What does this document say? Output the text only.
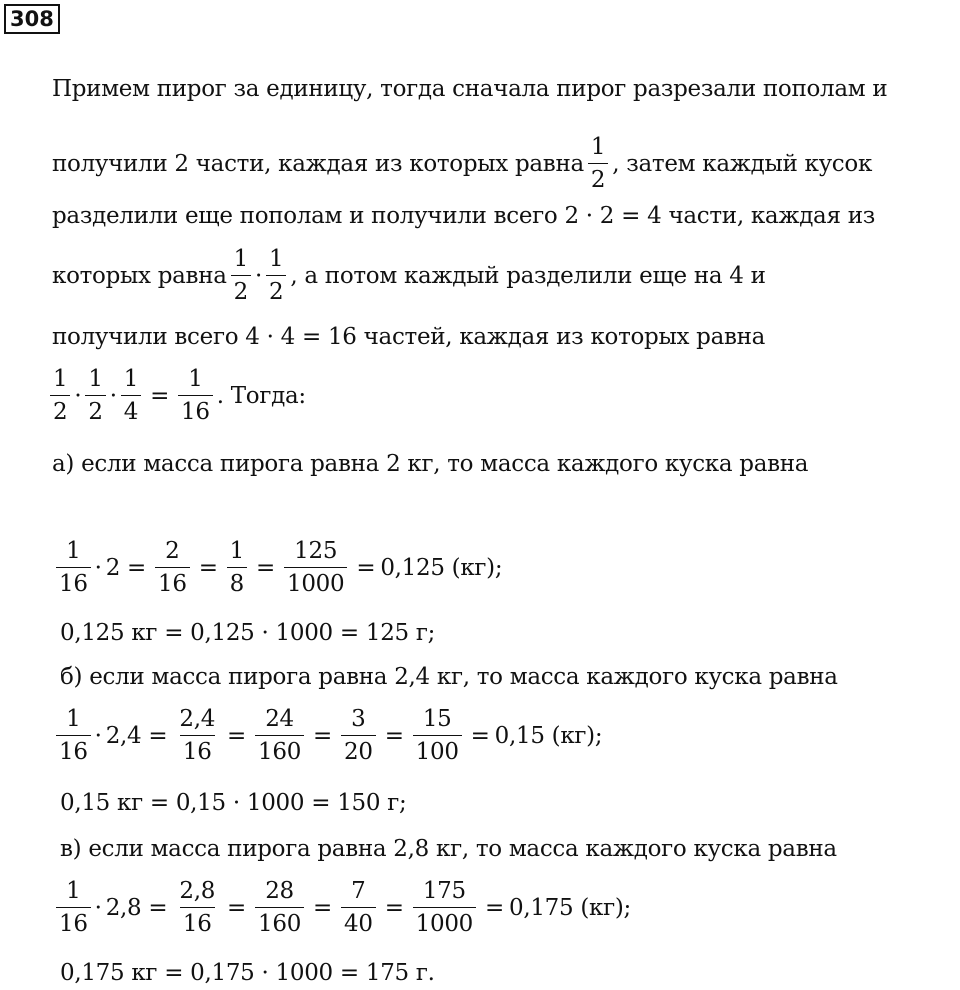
308
Примем пирог за единицу, тогда сначала пирог разрезали пополам и
получили 2 части, каждая из которых равна $\frac{1}{2}$ , затем каждый кусок
разделили еще пополам и получили всего 2 · 2 = 4 части, каждая из
которых равна $\frac{1}{2} \cdot \frac{1}{2}$ , а потом каждый разделили еще на 4 и
получили всего 4 · 4 = 16 частей, каждая из которых равна
$\frac{1}{2} \cdot \frac{1}{2} \cdot \frac{1}{4} = \frac{1}{16}$ . Тогда:
а) если масса пирога равна 2 кг, то масса каждого куска равна
$\frac{1}{16} \cdot 2 = \frac{2}{16} = \frac{1}{8} = \frac{125}{1000} = 0,125$ (кг);
0,125 кг = 0,125 · 1000 = 125 г;
б) если масса пирога равна 2,4 кг, то масса каждого куска равна
$\frac{1}{16} \cdot 2,4 = \frac{2,4}{16} = \frac{24}{160} = \frac{3}{20} = \frac{15}{100} = 0,15$ (кг);
0,15 кг = 0,15 · 1000 = 150 г;
в) если масса пирога равна 2,8 кг, то масса каждого куска равна
$\frac{1}{16} \cdot 2,8 = \frac{2,8}{16} = \frac{28}{160} = \frac{7}{40} = \frac{175}{1000} = 0,175$ (кг);
0,175 кг = 0,175 · 1000 = 175 г.
